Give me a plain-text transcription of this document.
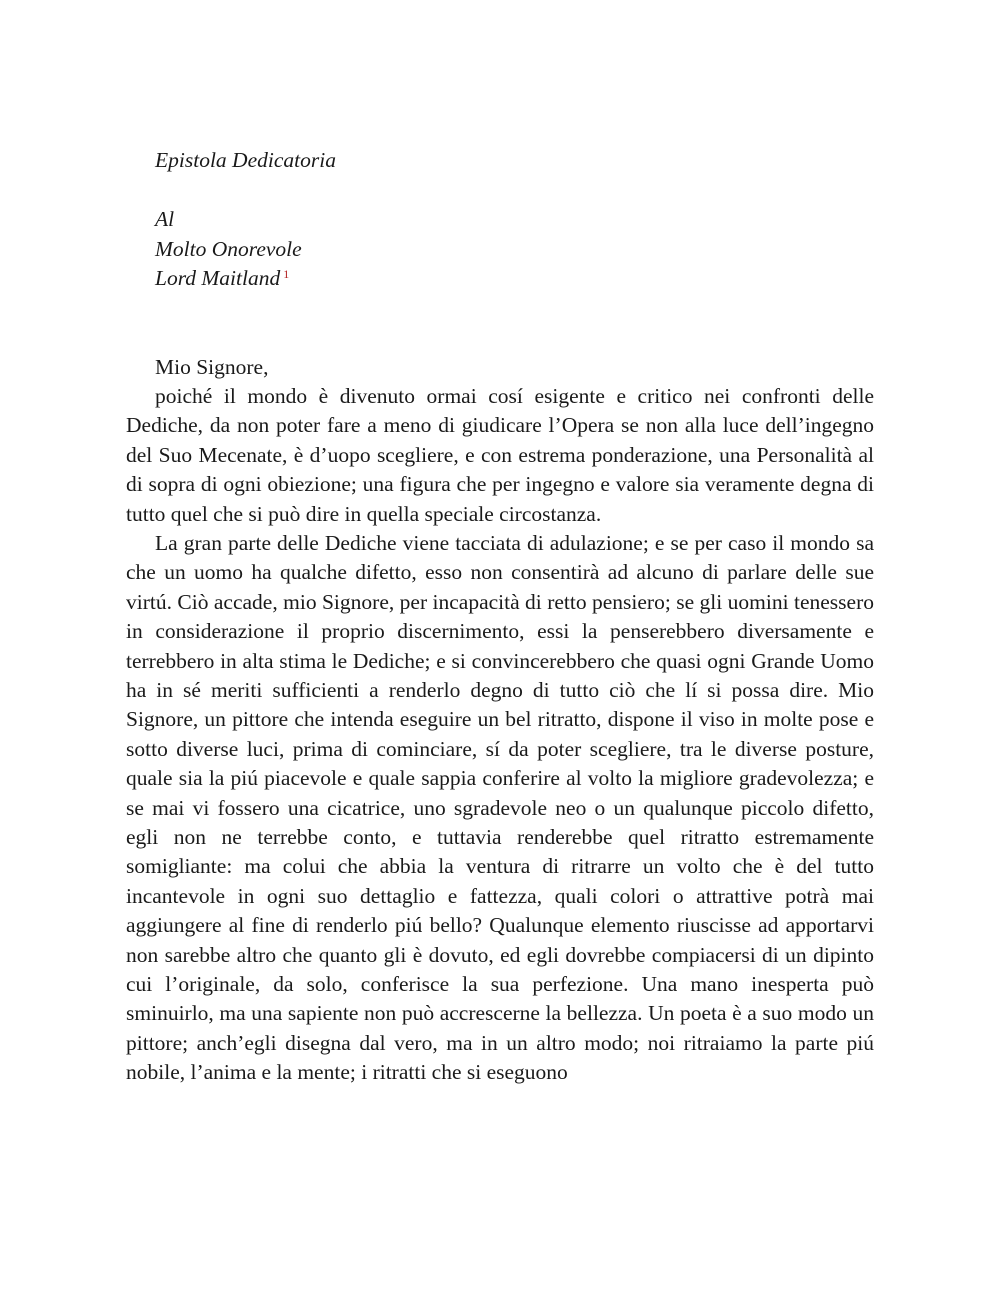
Epistola Dedicatoria
Al
Molto Onorevole
Lord Maitland $^1$
Mio Signore,

poiché il mondo è divenuto ormai cosí esigente e critico nei confronti delle Dediche, da non poter fare a meno di giudicare l’Opera se non alla luce dell’ingegno del Suo Mecenate, è d’uopo scegliere, e con estrema ponderazione, una Personalità al di sopra di ogni obiezione; una figura che per ingegno e valore sia veramente degna di tutto quel che si può dire in quella speciale circostanza.

La gran parte delle Dediche viene tacciata di adulazione; e se per caso il mondo sa che un uomo ha qualche difetto, esso non consentirà ad alcuno di parlare delle sue virtú. Ciò accade, mio Signore, per incapacità di retto pensiero; se gli uomini tenessero in considerazione il proprio discernimento, essi la penserebbero diversamente e terrebbero in alta stima le Dediche; e si convincerebbero che quasi ogni Grande Uomo ha in sé meriti sufficienti a renderlo degno di tutto ciò che lí si possa dire. Mio Signore, un pittore che intenda eseguire un bel ritratto, dispone il viso in molte pose e sotto diverse luci, prima di cominciare, sí da poter scegliere, tra le diverse posture, quale sia la piú piacevole e quale sappia conferire al volto la migliore gradevolezza; e se mai vi fossero una cicatrice, uno sgradevole neo o un qualunque piccolo difetto, egli non ne terrebbe conto, e tuttavia renderebbe quel ritratto estremamente somigliante: ma colui che abbia la ventura di ritrarre un volto che è del tutto incantevole in ogni suo dettaglio e fattezza, quali colori o attrattive potrà mai aggiungere al fine di renderlo piú bello? Qualunque elemento riuscisse ad apportarvi non sarebbe altro che quanto gli è dovuto, ed egli dovrebbe compiacersi di un dipinto cui l’originale, da solo, conferisce la sua perfezione. Una mano inesperta può sminuirlo, ma una sapiente non può accrescerne la bellezza. Un poeta è a suo modo un pittore; anch’egli disegna dal vero, ma in un altro modo; noi ritraiamo la parte piú nobile, l’anima e la mente; i ritratti che si eseguono
